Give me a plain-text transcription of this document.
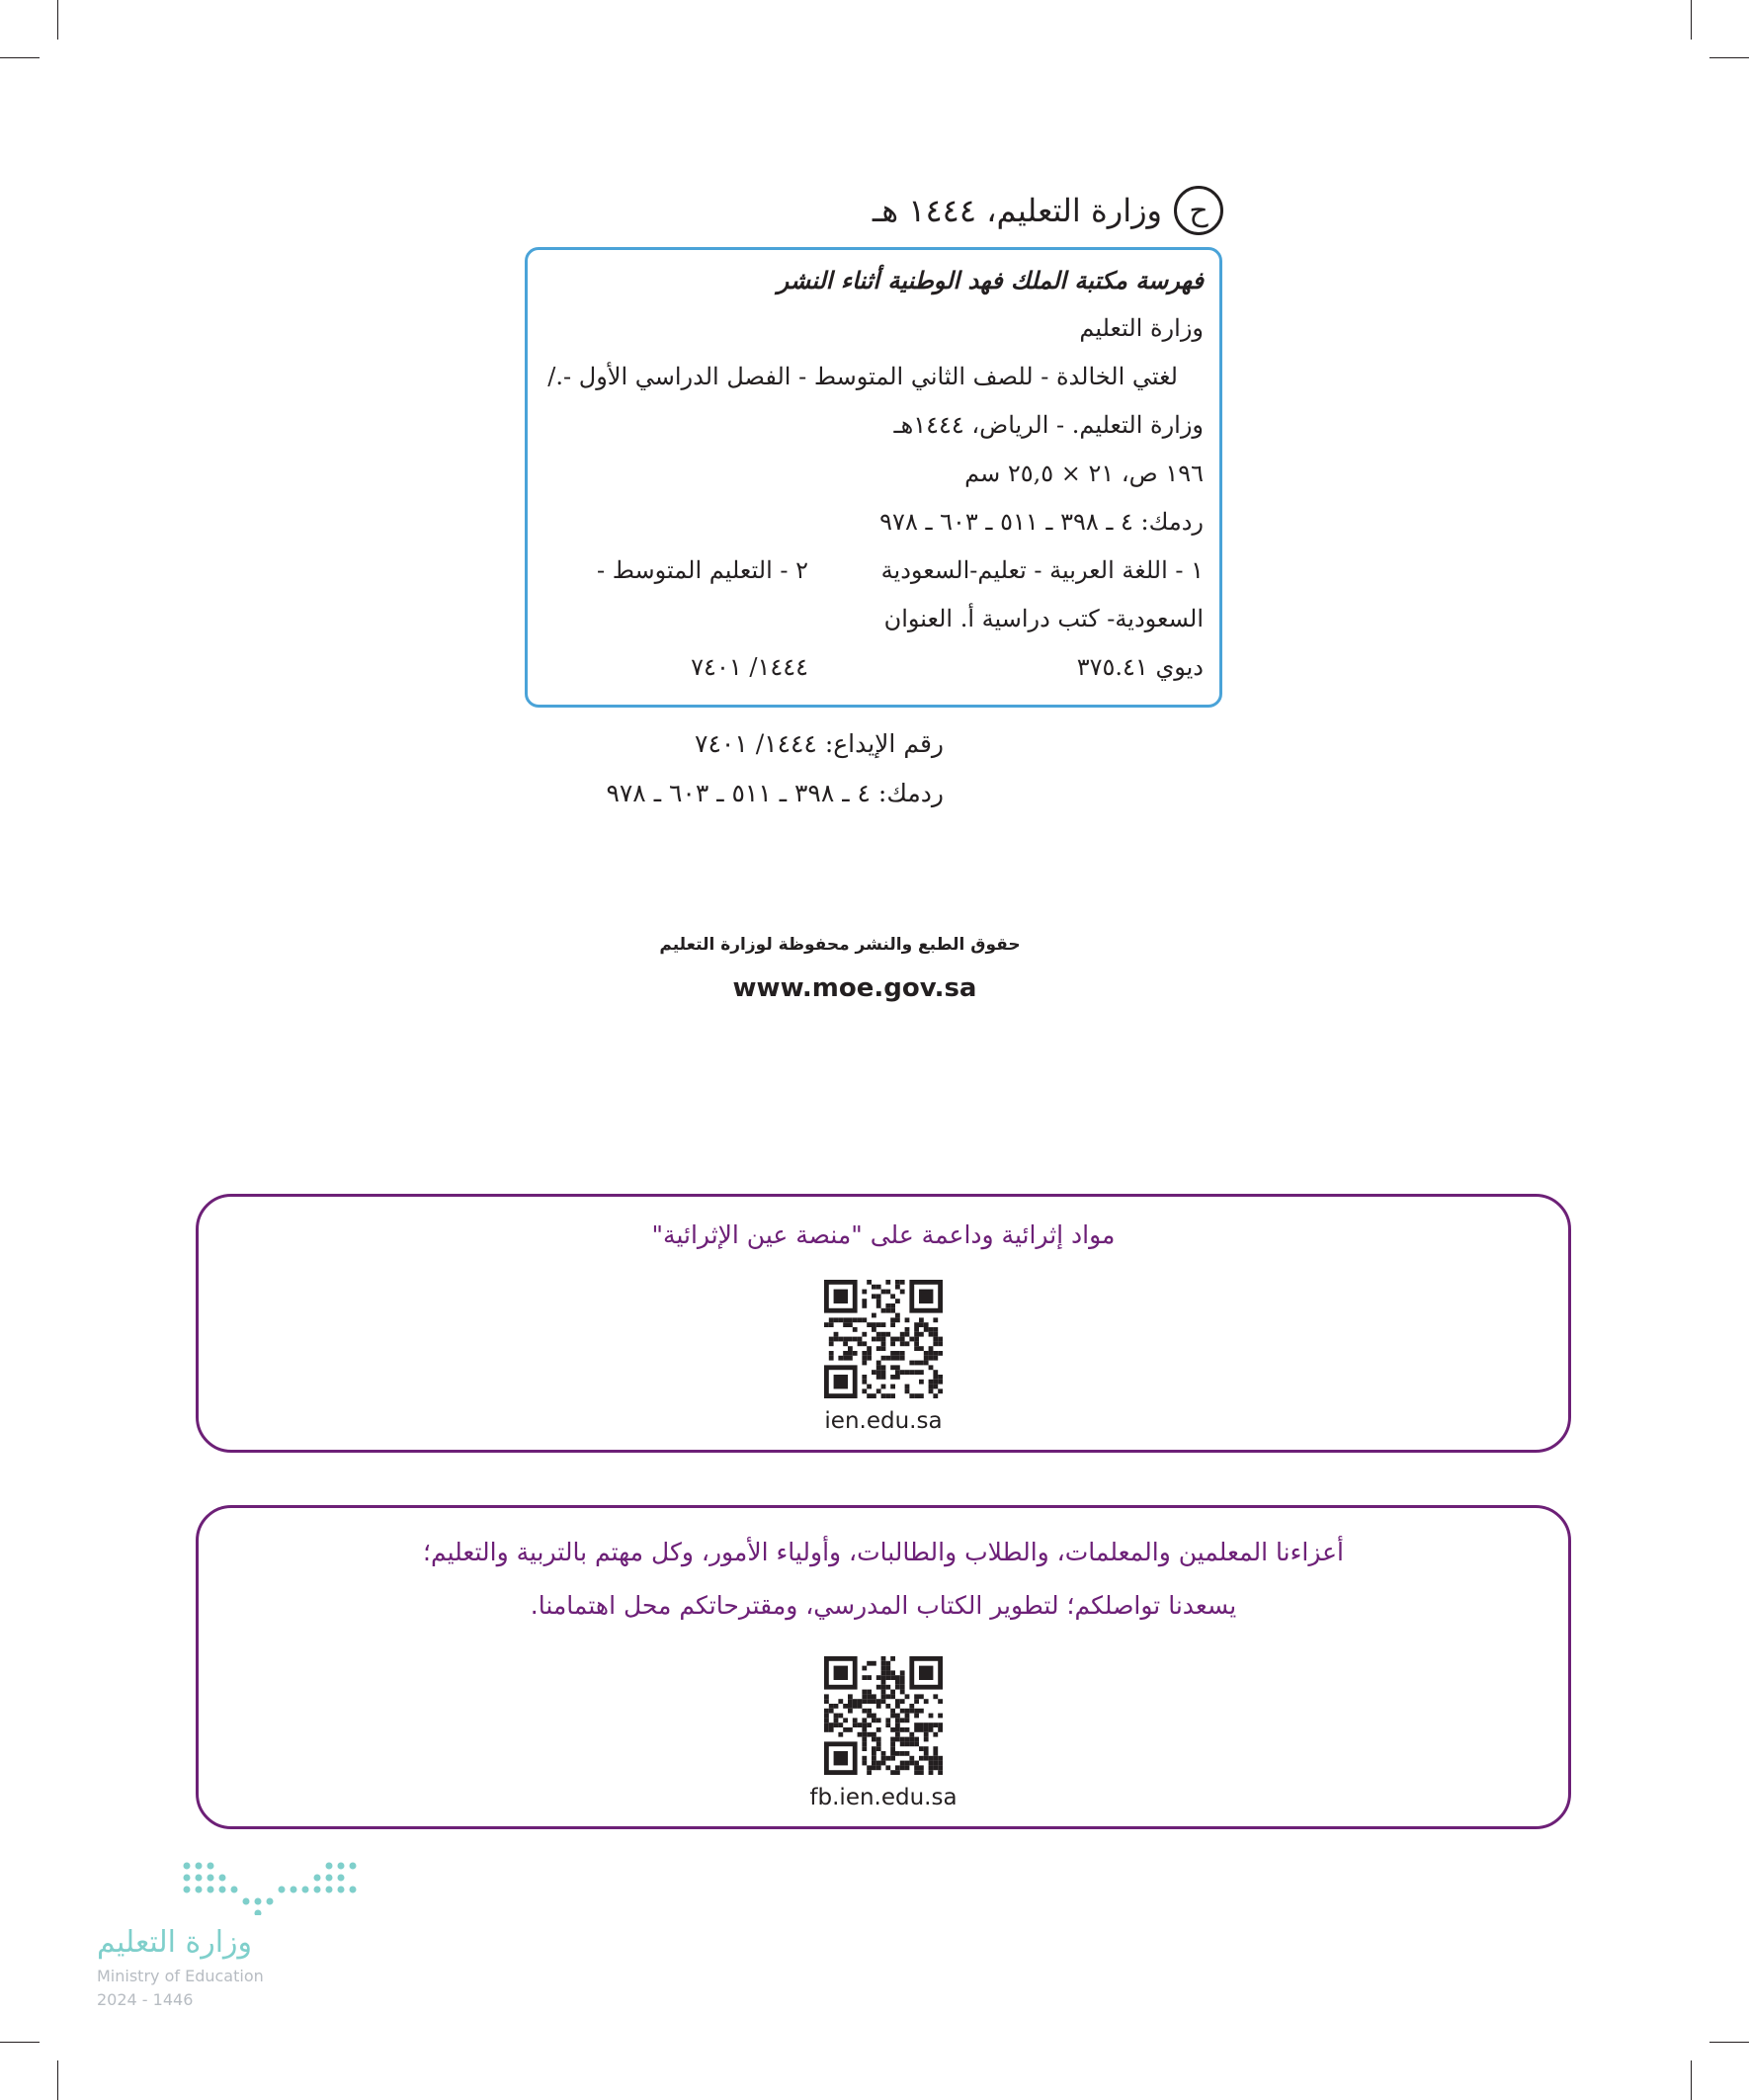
ح
وزارة التعليم، ١٤٤٤ هـ
فهرسة مكتبة الملك فهد الوطنية أثناء النشر
وزارة التعليم
لغتي الخالدة - للصف الثاني المتوسط - الفصل الدراسي الأول -./
وزارة التعليم. - الرياض، ١٤٤٤هـ
١٩٦ ص، ٢١ × ٢٥,٥ سم
ردمك: ٤ ـ ٣٩٨ ـ ٥١١ ـ ٦٠٣ ـ ٩٧٨
١ - اللغة العربية - تعليم-السعودية
٢ - التعليم المتوسط -
السعودية- كتب دراسية أ. العنوان
ديوي ٣٧٥.٤١
١٤٤٤/ ٧٤٠١
رقم الإيداع: ١٤٤٤/ ٧٤٠١
ردمك: ٤ ـ ٣٩٨ ـ ٥١١ ـ ٦٠٣ ـ ٩٧٨
حقوق الطبع والنشر محفوظة لوزارة التعليم
www.moe.gov.sa
مواد إثرائية وداعمة على "منصة عين الإثرائية"
ien.edu.sa
أعزاءنا المعلمين والمعلمات، والطلاب والطالبات، وأولياء الأمور، وكل مهتم بالتربية والتعليم؛
يسعدنا تواصلكم؛ لتطوير الكتاب المدرسي، ومقترحاتكم محل اهتمامنا.
fb.ien.edu.sa
وزارة التعليم
Ministry of Education
2024 - 1446
